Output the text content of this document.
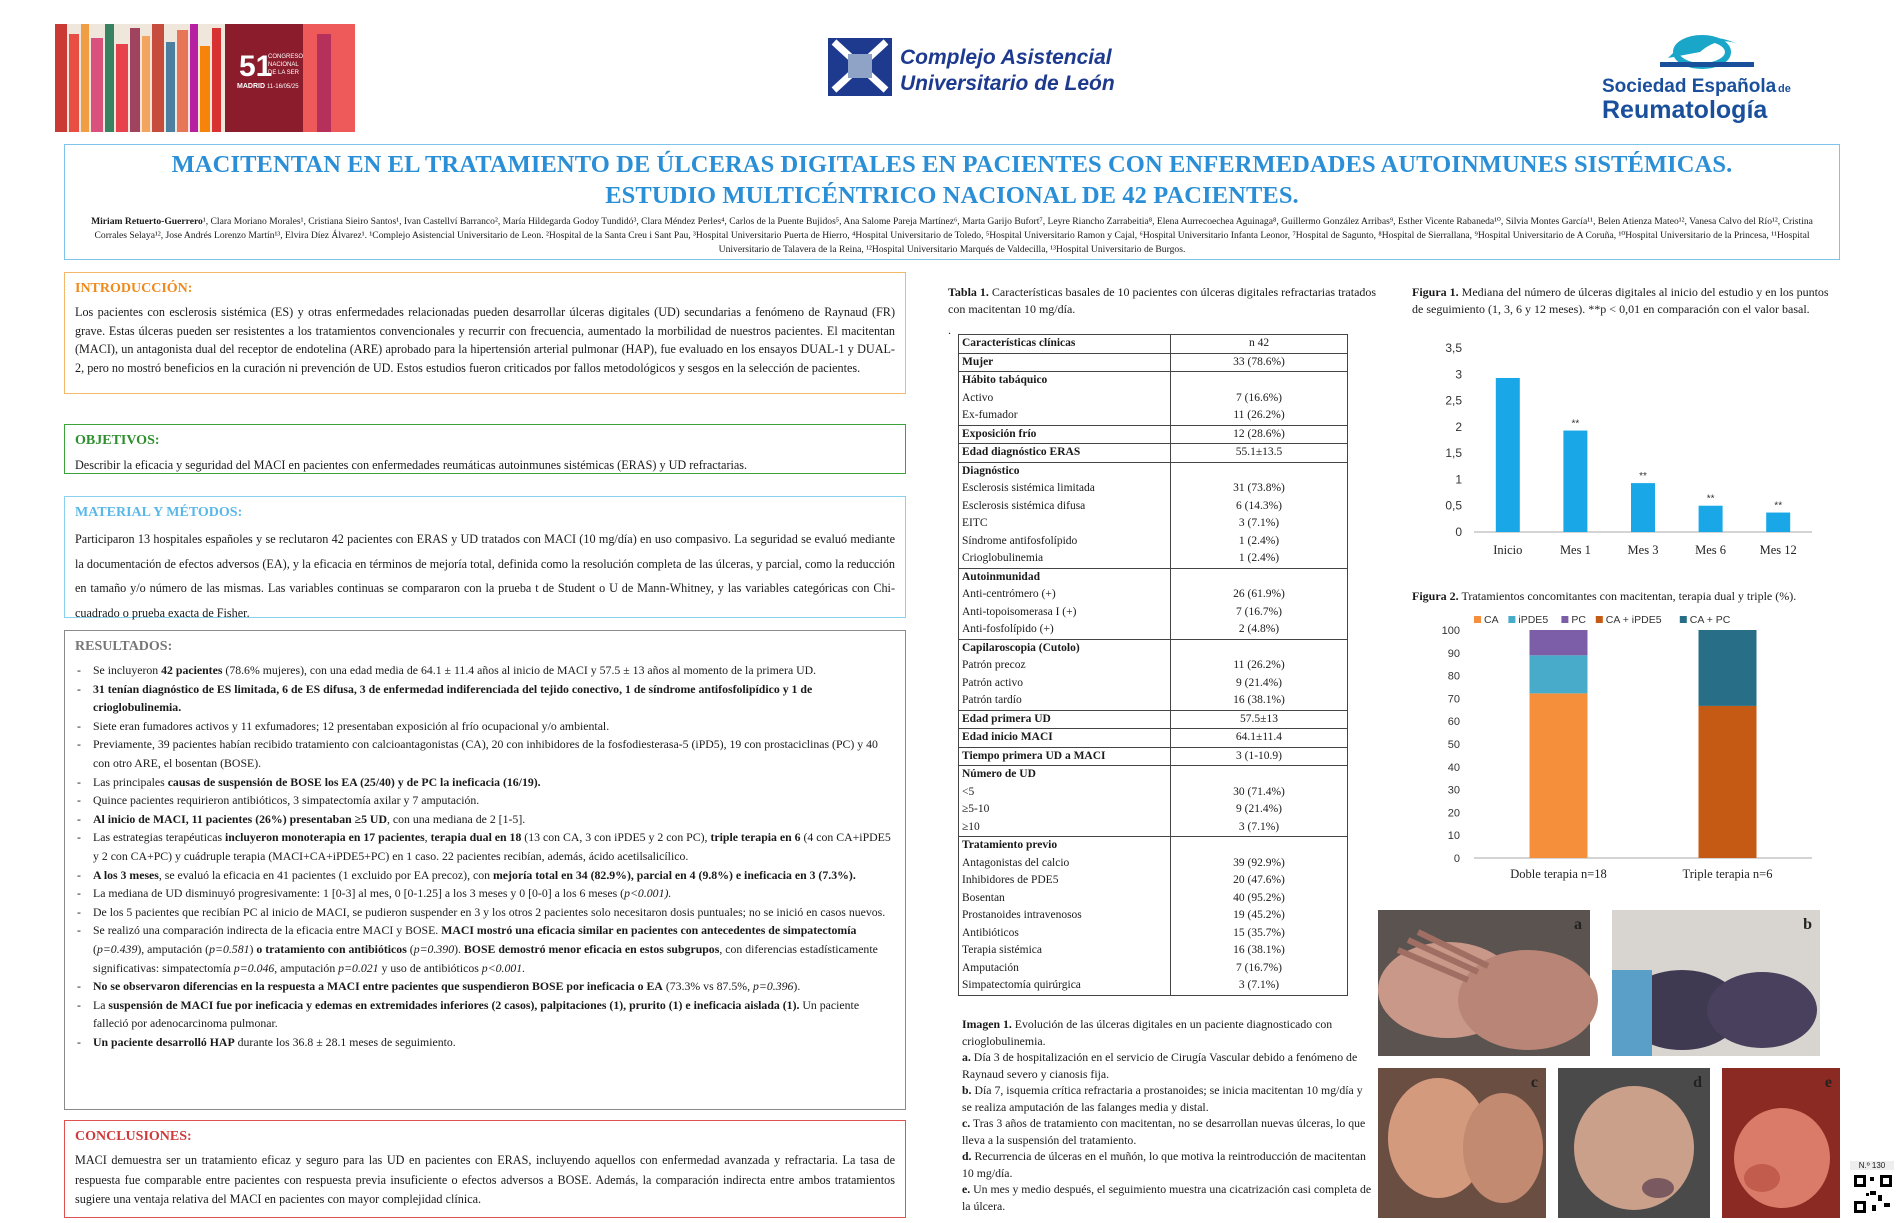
51
CONGRESO
NACIONAL
DE LA SER
MADRID 11-16/05/25
Complejo Asistencial
Universitario de León	Sociedad Española de
Reumatología
MACITENTAN EN EL TRATAMIENTO DE ÚLCERAS DIGITALES EN PACIENTES CON ENFERMEDADES AUTOINMUNES SISTÉMICAS.
ESTUDIO MULTICÉNTRICO NACIONAL DE 42 PACIENTES.
Miriam Retuerto-Guerrero¹, Clara Moriano Morales¹, Cristiana Sieiro Santos¹, Ivan Castellví Barranco², María Hildegarda Godoy Tundidó³, Clara Méndez Perles⁴, Carlos de la Puente Bujidos⁵, Ana Salome Pareja Martínez⁶, Marta Garijo Bufort⁷, Leyre Riancho Zarrabeitia⁸, Elena Aurrecoechea Aguinaga⁸, Guillermo González Arribas⁹, Esther Vicente Rabaneda¹⁰, Silvia Montes García¹¹, Belen Atienza Mateo¹², Vanesa Calvo del Río¹², Cristina Corrales Selaya¹², Jose Andrés Lorenzo Martín¹³, Elvira Díez Álvarez¹. ¹Complejo Asistencial Universitario de Leon. ²Hospital de la Santa Creu i Sant Pau, ³Hospital Universitario Puerta de Hierro, ⁴Hospital Universitario de Toledo, ⁵Hospital Universitario Ramon y Cajal, ⁶Hospital Universitario Infanta Leonor, ⁷Hospital de Sagunto, ⁸Hospital de Sierrallana, ⁹Hospital Universitario de A Coruña, ¹⁰Hospital Universitario de la Princesa, ¹¹Hospital Universitario de Talavera de la Reina, ¹²Hospital Universitario Marqués de Valdecilla, ¹³Hospital Universitario de Burgos.
INTRODUCCIÓN:
Los pacientes con esclerosis sistémica (ES) y otras enfermedades relacionadas pueden desarrollar úlceras digitales (UD) secundarias a fenómeno de Raynaud (FR) grave. Estas úlceras pueden ser resistentes a los tratamientos convencionales y recurrir con frecuencia, aumentado la morbilidad de nuestros pacientes. El macitentan (MACI), un antagonista dual del receptor de endotelina (ARE) aprobado para la hipertensión arterial pulmonar (HAP), fue evaluado en los ensayos DUAL-1 y DUAL-2, pero no mostró beneficios en la curación ni prevención de UD. Estos estudios fueron criticados por fallos metodológicos y sesgos en la selección de pacientes.
OBJETIVOS:
Describir la eficacia y seguridad del MACI en pacientes con enfermedades reumáticas autoinmunes sistémicas (ERAS) y UD refractarias.
MATERIAL Y MÉTODOS:
Participaron 13 hospitales españoles y se reclutaron 42 pacientes con ERAS y UD tratados con MACI (10 mg/día) en uso compasivo. La seguridad se evaluó mediante la documentación de efectos adversos (EA), y la eficacia en términos de mejoría total, definida como la resolución completa de las úlceras, y parcial, como la reducción en tamaño y/o número de las mismas. Las variables continuas se compararon con la prueba t de Student o U de Mann-Whitney, y las variables categóricas con Chi-cuadrado o prueba exacta de Fisher.
RESULTADOS:
- Se incluyeron 42 pacientes (78.6% mujeres), con una edad media de 64.1 ± 11.4 años al inicio de MACI y 57.5 ± 13 años al momento de la primera UD.
- 31 tenían diagnóstico de ES limitada, 6 de ES difusa, 3 de enfermedad indiferenciada del tejido conectivo, 1 de síndrome antifosfolipídico y 1 de crioglobulinemia.
- Siete eran fumadores activos y 11 exfumadores; 12 presentaban exposición al frío ocupacional y/o ambiental.
- Previamente, 39 pacientes habían recibido tratamiento con calcioantagonistas (CA), 20 con inhibidores de la fosfodiesterasa-5 (iPD5), 19 con prostaciclinas (PC) y 40 con otro ARE, el bosentan (BOSE).
- Las principales causas de suspensión de BOSE los EA (25/40) y de PC la ineficacia (16/19).
- Quince pacientes requirieron antibióticos, 3 simpatectomía axilar y 7 amputación.
- Al inicio de MACI, 11 pacientes (26%) presentaban ≥5 UD, con una mediana de 2 [1-5].
- Las estrategias terapéuticas incluyeron monoterapia en 17 pacientes, terapia dual en 18 (13 con CA, 3 con iPDE5 y 2 con PC), triple terapia en 6 (4 con CA+iPDE5 y 2 con CA+PC) y cuádruple terapia (MACI+CA+iPDE5+PC) en 1 caso. 22 pacientes recibían, además, ácido acetilsalicílico.
- A los 3 meses, se evaluó la eficacia en 41 pacientes (1 excluido por EA precoz), con mejoría total en 34 (82.9%), parcial en 4 (9.8%) e ineficacia en 3 (7.3%).
- La mediana de UD disminuyó progresivamente: 1 [0-3] al mes, 0 [0-1.25] a los 3 meses y 0 [0-0] a los 6 meses (p<0.001).
- De los 5 pacientes que recibían PC al inicio de MACI, se pudieron suspender en 3 y los otros 2 pacientes solo necesitaron dosis puntuales; no se inició en casos nuevos.
- Se realizó una comparación indirecta de la eficacia entre MACI y BOSE. MACI mostró una eficacia similar en pacientes con antecedentes de simpatectomía (p=0.439), amputación (p=0.581) o tratamiento con antibióticos (p=0.390). BOSE demostró menor eficacia en estos subgrupos, con diferencias estadísticamente significativas: simpatectomía p=0.046, amputación p=0.021 y uso de antibióticos p<0.001.
- No se observaron diferencias en la respuesta a MACI entre pacientes que suspendieron BOSE por ineficacia o EA (73.3% vs 87.5%, p=0.396).
- La suspensión de MACI fue por ineficacia y edemas en extremidades inferiores (2 casos), palpitaciones (1), prurito (1) e ineficacia aislada (1). Un paciente falleció por adenocarcinoma pulmonar.
- Un paciente desarrolló HAP durante los 36.8 ± 28.1 meses de seguimiento.
CONCLUSIONES:
MACI demuestra ser un tratamiento eficaz y seguro para las UD en pacientes con ERAS, incluyendo aquellos con enfermedad avanzada y refractaria. La tasa de respuesta fue comparable entre pacientes con respuesta previa insuficiente o efectos adversos a BOSE. Además, la comparación indirecta entre ambos tratamientos sugiere una ventaja relativa del MACI en pacientes con mayor complejidad clínica.
Tabla 1. Características basales de 10 pacientes con úlceras digitales refractarias tratados con macitentan 10 mg/día.
.
Características clínicas	n 42
Mujer	33 (78.6%)
Hábito tabáquico	
Activo	7 (16.6%)
Ex-fumador	11 (26.2%)
Exposición frío	12 (28.6%)
Edad diagnóstico ERAS	55.1±13.5
Diagnóstico	
Esclerosis sistémica limitada	31 (73.8%)
Esclerosis sistémica difusa	6 (14.3%)
EITC	3 (7.1%)
Síndrome antifosfolípido	1 (2.4%)
Crioglobulinemia	1 (2.4%)
Autoinmunidad	
Anti-centrómero (+)	26 (61.9%)
Anti-topoisomerasa I (+)	7 (16.7%)
Anti-fosfolípido (+)	2 (4.8%)
Capilaroscopia (Cutolo)	
Patrón precoz	11 (26.2%)
Patrón activo	9 (21.4%)
Patrón tardío	16 (38.1%)
Edad primera UD	57.5±13
Edad inicio MACI	64.1±11.4
Tiempo primera UD a MACI	3 (1-10.9)
Número de UD	
<5	30 (71.4%)
≥5-10	9 (21.4%)
≥10	3 (7.1%)
Tratamiento previo	
Antagonistas del calcio	39 (92.9%)
Inhibidores de PDE5	20 (47.6%)
Bosentan	40 (95.2%)
Prostanoides intravenosos	19 (45.2%)
Antibióticos	15 (35.7%)
Terapia sistémica	16 (38.1%)
Amputación	7 (16.7%)
Simpatectomía quirúrgica	3 (7.1%)
Imagen 1. Evolución de las úlceras digitales en un paciente diagnosticado con crioglobulinemia.
a. Día 3 de hospitalización en el servicio de Cirugía Vascular debido a fenómeno de Raynaud severo y cianosis fija.
b. Día 7, isquemia crítica refractaria a prostanoides; se inicia macitentan 10 mg/día y se realiza amputación de las falanges media y distal.
c. Tras 3 años de tratamiento con macitentan, no se desarrollan nuevas úlceras, lo que lleva a la suspensión del tratamiento.
d. Recurrencia de úlceras en el muñón, lo que motiva la reintroducción de macitentan 10 mg/día.
e. Un mes y medio después, el seguimiento muestra una cicatrización casi completa de la úlcera.
Figura 1. Mediana del número de úlceras digitales al inicio del estudio y en los puntos de seguimiento (1, 3, 6 y 12 meses). **p < 0,01 en comparación con el valor basal.
0
0,5
1
1,5
2
2,5
3
3,5
Inicio
**
Mes 1
**
Mes 3
**
Mes 6
**
Mes 12
Figura 2. Tratamientos concomitantes con macitentan, terapia dual y triple (%).
CA iPDE5 PC CA + iPDE5	CA + PC
0
10
20
30
40
50
60
70
80
90
100
Doble terapia n=18	Triple terapia n=6
a	b
c	d	e
N.º 130
